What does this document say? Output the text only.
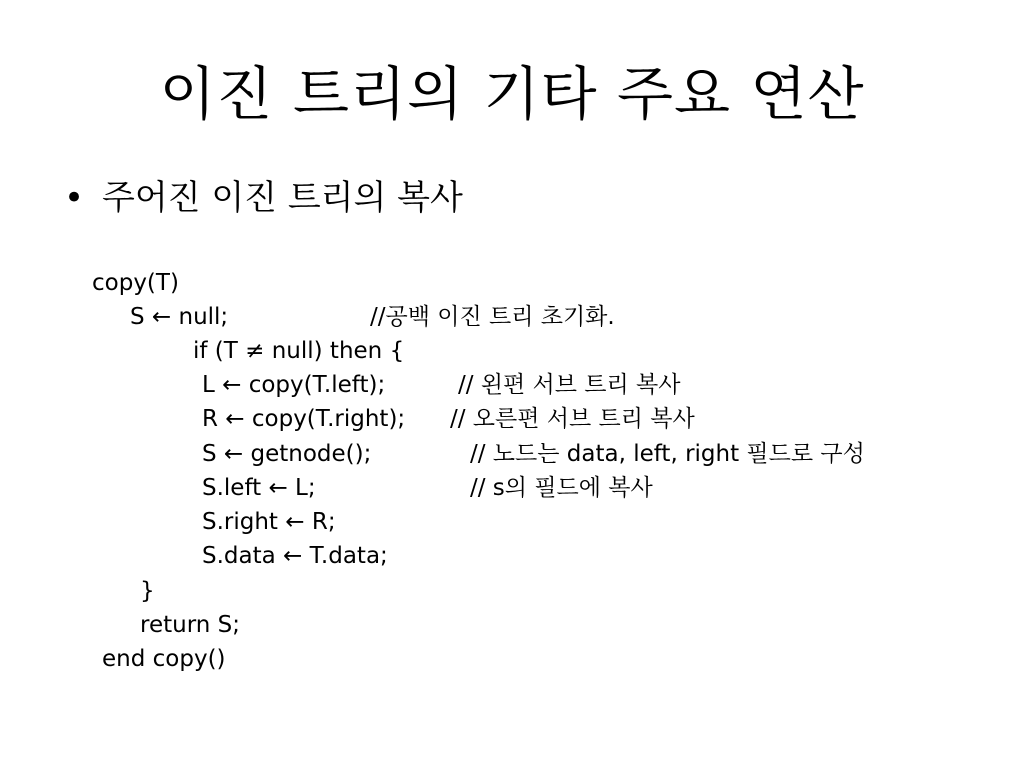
이진 트리의 기타 주요 연산
• 주어진 이진 트리의 복사
copy(T)
S ← null;	//공백 이진 트리 초기화.
if (T ≠ null) then {
L ← copy(T.left);	// 왼편 서브 트리 복사
R ← copy(T.right); // 오른편 서브 트리 복사
S ← getnode();	// 노드는 data, left, right 필드로 구성
S.left ← L;	// s의 필드에 복사
S.right ← R;
S.data ← T.data;
}
return S;
end copy()
